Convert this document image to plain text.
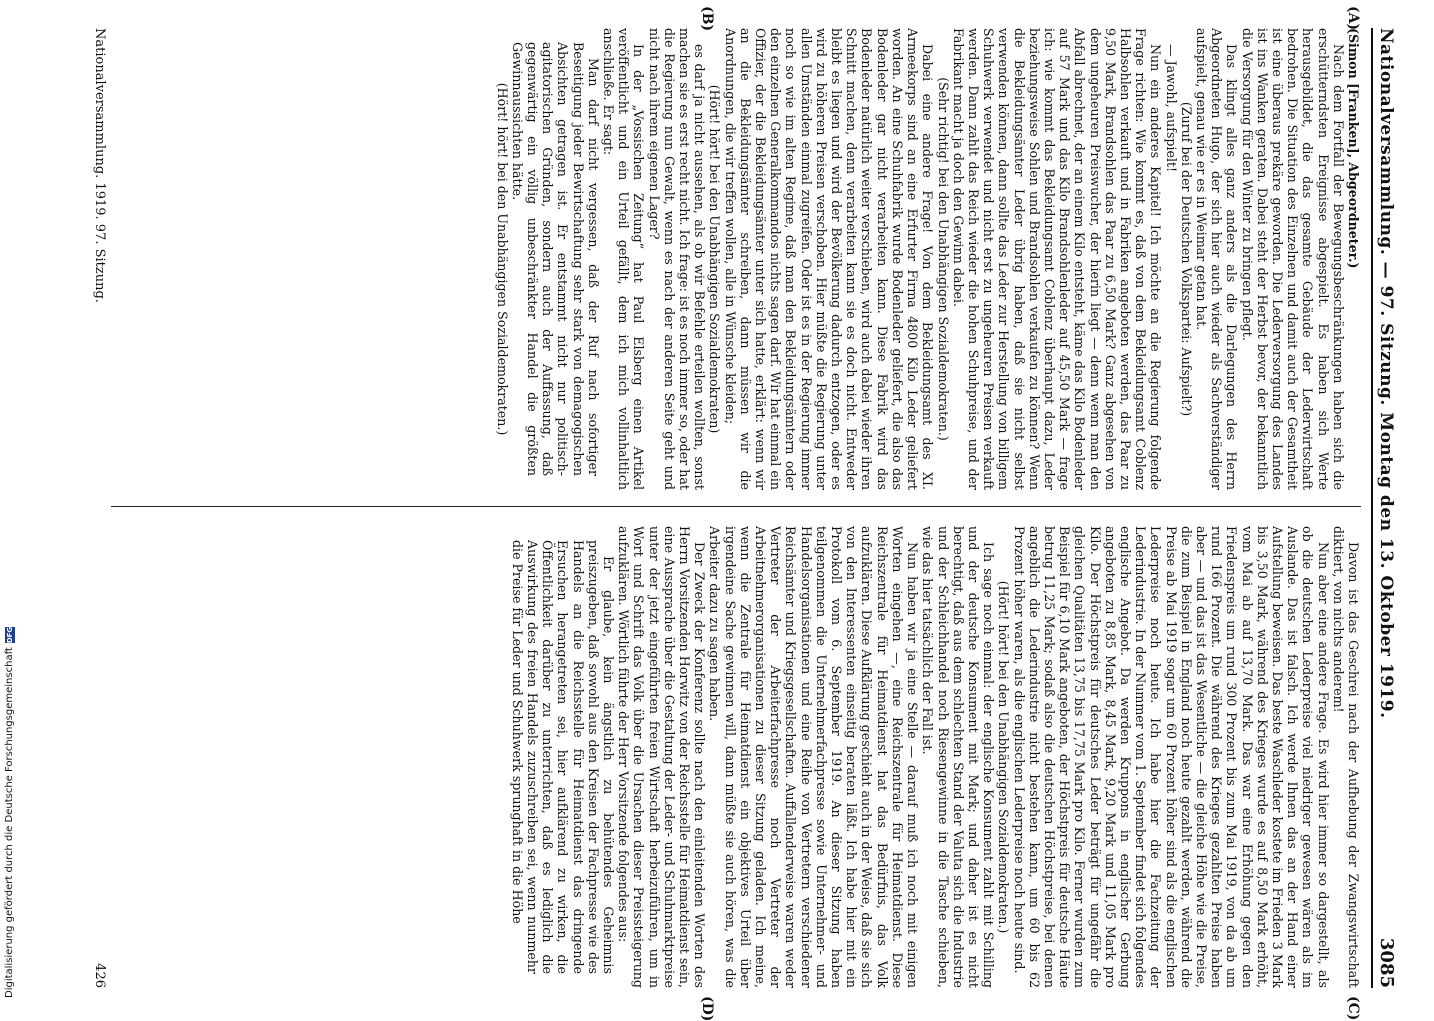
Nationalversammlung. — 97. Sitzung. Montag den 13. Oktober 1919.
3085
(A)
(B)
(C)
(D)

(Simon [Franken], Abgeordneter.)

Nach dem Fortfall der Bewegungsbeschränkungen haben sich die erschütterndsten Ereignisse abgespielt. Es haben sich Werte herausgebildet, die das gesamte Gebäude der Lederwirtschaft bedrohen. Die Situation des Einzelnen und damit auch der Gesamtheit ist eine überaus prekäre geworden. Die Lederversorgung des Landes ist ins Wanken geraten. Dabei steht der Herbst bevor, der bekanntlich die Versorgung für den Winter zu bringen pflegt.

Das klingt alles ganz anders als die Darlegungen des Herrn Abgeordneten Hugo, der sich hier auch wieder als Sachverständiger aufspielt, genau wie er es in Weimar getan hat.

(Zuruf bei der Deutschen Volkspartei: Aufspielt?)

— Jawohl, aufspielt!

Nun ein anderes Kapitel! Ich möchte an die Regierung folgende Frage richten: Wie kommt es, daß von dem Bekleidungsamt Coblenz Halbsohlen verkauft und in Fabriken angeboten werden, das Paar zu 9,50 Mark, Brandsohlen das Paar zu 6,50 Mark? Ganz abgesehen von dem ungeheuren Preiswucher, der hierin liegt — denn wenn man den Abfall abrechnet, der an einem Kilo entsteht, käme das Kilo Bodenleder auf 57 Mark und das Kilo Brandsohlenleder auf 45,50 Mark — frage ich: wie kommt das Bekleidungsamt Coblenz überhaupt dazu, Leder beziehungsweise Sohlen und Brandsohlen verkaufen zu können? Wenn die Bekleidungsämter Leder übrig haben, daß sie nicht selbst verwenden können, dann sollte das Leder zur Herstellung von billigem Schuhwerk verwendet und nicht erst zu ungeheuren Preisen verkauft werden. Dann zahlt das Reich wieder die hohen Schuhpreise, und der Fabrikant macht ja doch den Gewinn dabei.

(Sehr richtig! bei den Unabhängigen Sozialdemokraten.)

Dabei eine andere Frage! Von dem Bekleidungsamt des XI. Armeekorps sind an eine Erfurter Firma 4800 Kilo Leder geliefert worden. An eine Schuhfabrik wurde Bodenleder geliefert, die also das Bodenleder gar nicht verarbeiten kann. Diese Fabrik wird das Bodenleder natürlich weiter verschieben, wird auch dabei wieder ihren Schnitt machen, denn verarbeiten kann sie es doch nicht. Entweder bleibt es liegen und wird der Bevölkerung dadurch entzogen, oder es wird zu höheren Preisen verschoben. Hier müßte die Regierung unter allen Umständen einmal zugreifen. Oder ist es in der Regierung immer noch so wie im alten Regime, daß man den Bekleidungsämtern oder den einzelnen Generalkommandos nichts sagen darf. Wir hat einmal ein Offizier, der die Bekleidungsämter unter sich hatte, erklärt: wenn wir an die Bekleidungsämter schreiben, dann müssen wir die Anordnungen, die wir treffen wollen, alle in Wünsche kleiden;

(Hört! hört! bei den Unabhängigen Sozialdemokraten)

es darf ja nicht aussehen, als ob wir Befehle erteilen wollten, sonst machen sie es erst recht nicht. Ich frage: ist es noch immer so, oder hat die Regierung nun Gewalt, wenn es nach der anderen Seite geht und nicht nach ihrem eigenen Lager?

In der „Vossischen Zeitung“ hat Paul Elsberg einen Artikel veröffentlicht und ein Urteil gefällt, dem ich mich vollinhaltlich anschließe. Er sagt:

Man darf nicht vergessen, daß der Ruf nach sofortiger Beseitigung jeder Bewirtschaftung sehr stark von demagogischen Absichten getragen ist. Er entstammt nicht nur politisch-agitatorischen Gründen, sondern auch der Auffassung, daß gegenwärtig ein völlig unbeschränkter Handel die größten Gewinnaussichten hätte.

(Hört! hört! bei den Unabhängigen Sozialdemokraten.)

Davon ist das Geschrei nach der Aufhebung der Zwangswirtschaft diktiert, von nichts anderem!

Nun aber eine andere Frage. Es wird hier immer so dargestellt, als ob die deutschen Lederpreise viel niedriger gewesen wären als im Auslande. Das ist falsch. Ich werde Ihnen das an der Hand einer Aufstellung beweisen. Das beste Waschleder kostete im Frieden 3 Mark bis 3,50 Mark, während des Krieges wurde es auf 8,50 Mark erhöht, vom Mai ab auf 13,70 Mark. Das war eine Erhöhung gegen den Friedenspreis um rund 300 Prozent bis zum Mai 1919, von da ab um rund 166 Prozent. Die während des Krieges gezahlten Preise haben aber — und das ist das Wesentliche — die gleiche Höhe wie die Preise, die zum Beispiel in England noch heute gezahlt werden, während die Preise ab Mai 1919 sogar um 60 Prozent höher sind als die englischen Lederpreise noch heute. Ich habe hier die Fachzeitung der Lederindustrie. In der Nummer vom 1. September findet sich folgendes englische Angebot. Da werden Kruppons in englischer Gerbung angeboten zu 8,85 Mark, 8,45 Mark, 9,20 Mark und 11,05 Mark pro Kilo. Der Höchstpreis für deutsches Leder beträgt für ungefähr die gleichen Qualitäten 13,75 bis 17,75 Mark pro Kilo. Ferner wurden zum Beispiel für 6,10 Mark angeboten, der Höchstpreis für deutsche Häute betrug 11,25 Mark; sodaß also die deutschen Höchstpreise, bei denen angeblich die Lederindustrie nicht bestehen kann, um 60 bis 62 Prozent höher waren, als die englischen Lederpreise noch heute sind.

(Hört! hört! bei den Unabhängigen Sozialdemokraten.)

Ich sage noch einmal: der englische Konsument zahlt mit Schilling und der deutsche Konsument mit Mark; und daher ist es nicht berechtigt, daß aus dem schlechten Stand der Valuta sich die Industrie und der Schleichhandel noch Riesengewinne in die Tasche schieben, wie das hier tatsächlich der Fall ist.

Nun haben wir ja eine Stelle — darauf muß ich noch mit einigen Worten eingehen —, eine Reichszentrale für Heimatdienst. Diese Reichszentrale für Heimatdienst hat das Bedürfnis, das Volk aufzuklären. Diese Aufklärung geschieht auch in der Weise, daß sie sich von den Interessenten einseitig beraten läßt. Ich habe hier mit ein Protokoll vom 6. September 1919. An dieser Sitzung haben teilgenommen die Unternehmerfachpresse sowie Unternehmer- und Handelsorganisationen und eine Reihe von Vertretern verschiedener Reichsämter und Kriegsgesellschaften. Auffallenderweise waren weder Vertreter der Arbeiterfachpresse noch Vertreter der Arbeitnehmerorganisationen zu dieser Sitzung geladen. Ich meine, wenn die Zentrale für Heimatdienst ein objektives Urteil über irgendeine Sache gewinnen will, dann müßte sie auch hören, was die Arbeiter dazu zu sagen haben.

Der Zweck der Konferenz sollte nach den einleitenden Worten des Herrn Vorsitzenden Horwitz von der Reichsstelle für Heimatdienst sein, eine Aussprache über die Gestaltung der Leder- und Schuhmarktpreise unter der jetzt eingeführten freien Wirtschaft herbeizuführen, um in Wort und Schrift das Volk über die Ursachen dieser Preissteigerung aufzuklären. Wörtlich führte der Herr Vorsitzende folgendes aus:

Er glaube, kein ängstlich zu behütendes Geheimnis preiszugeben, daß sowohl aus den Kreisen der Fachpresse wie des Handels an die Reichsstelle für Heimatdienst das dringende Ersuchen herangetreten sei, hier aufklärend zu wirken, die Öffentlichkeit darüber zu unterrichten, daß es lediglich die Auswirkung des freien Handels zuzuschreiben sei, wenn nunmehr die Preise für Leder und Schuhwerk sprunghaft in die Höhe

Nationalversammlung. 1919. 97. Sitzung.
426
Digitalisierung gefördert durch die Deutsche Forschungsgemeinschaft
DFG
